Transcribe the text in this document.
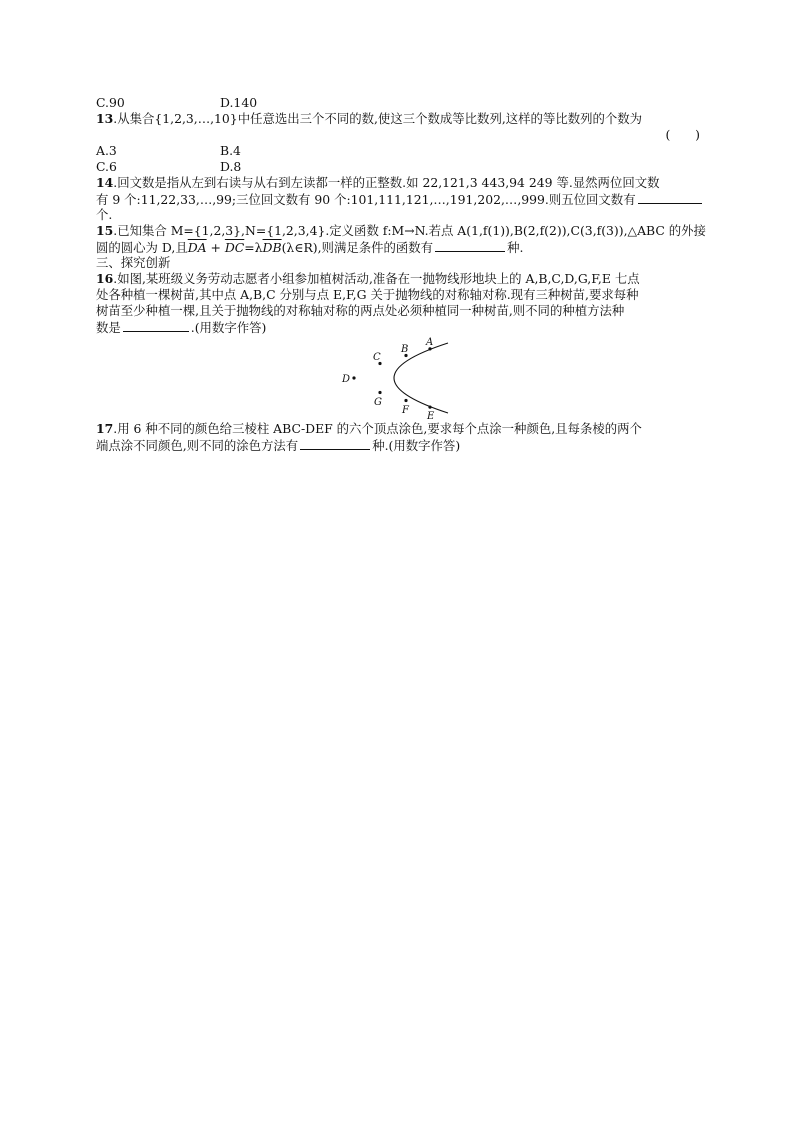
C.90	D.140
13.从集合{1,2,3,…,10}中任意选出三个不同的数,使这三个数成等比数列,这样的等比数列的个数为
(　　)
A.3	B.4
C.6	D.8
14.回文数是指从左到右读与从右到左读都一样的正整数.如 22,121,3 443,94 249 等.显然两位回文数
有 9 个:11,22,33,…,99;三位回文数有 90 个:101,111,121,…,191,202,…,999.则五位回文数有
个.
15.已知集合 M={1,2,3},N={1,2,3,4}.定义函数 f:M→N.若点 A(1,f(1)),B(2,f(2)),C(3,f(3)),△ABC 的外接
圆的圆心为 D,且$\overline{DA}$ + $\overline{DC}=\lambda\overline{DB}(\lambda\in R)$,则满足条件的函数有	种.
三、探究创新
16.如图,某班级义务劳动志愿者小组参加植树活动,准备在一抛物线形地块上的 A,B,C,D,G,F,E 七点
处各种植一棵树苗,其中点 A,B,C 分别与点 E,F,G 关于抛物线的对称轴对称.现有三种树苗,要求每种
树苗至少种植一棵,且关于抛物线的对称轴对称的两点处必须种植同一种树苗,则不同的种植方法种
数是	.(用数字作答)
A
B
C
D
G
F
E
17.用 6 种不同的颜色给三棱柱 ABC-DEF 的六个顶点涂色,要求每个点涂一种颜色,且每条棱的两个
端点涂不同颜色,则不同的涂色方法有	种.(用数字作答)
